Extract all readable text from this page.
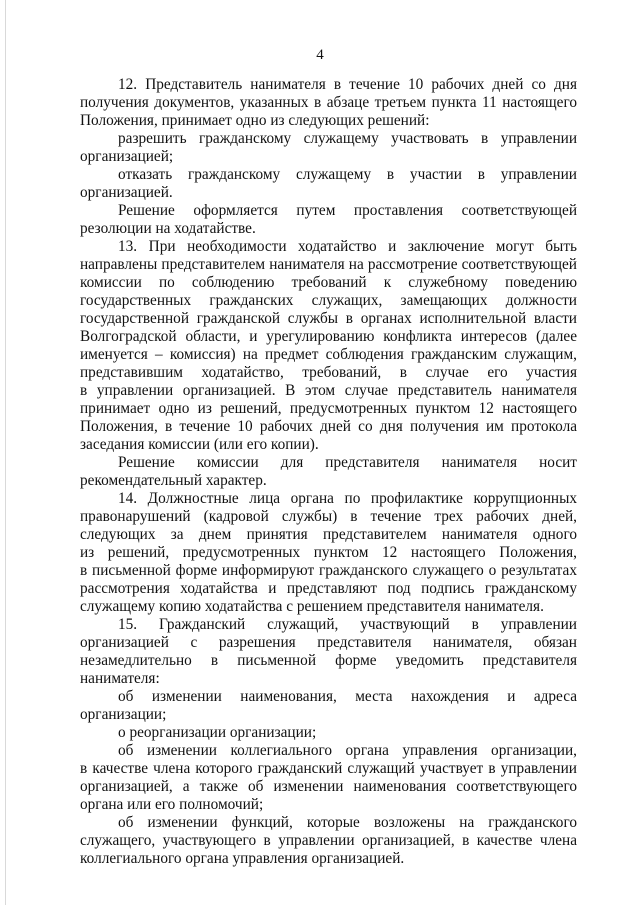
4
12. Представитель нанимателя в течение 10 рабочих дней со дня
получения документов, указанных в абзаце третьем пункта 11 настоящего
Положения, принимает одно из следующих решений:
разрешить гражданскому служащему участвовать в управлении
организацией;
отказать гражданскому служащему в участии в управлении
организацией.
Решение оформляется путем проставления соответствующей
резолюции на ходатайстве.
13. При необходимости ходатайство и заключение могут быть
направлены представителем нанимателя на рассмотрение соответствующей
комиссии по соблюдению требований к служебному поведению
государственных гражданских служащих, замещающих должности
государственной гражданской службы в органах исполнительной власти
Волгоградской области, и урегулированию конфликта интересов (далее
именуется – комиссия) на предмет соблюдения гражданским служащим,
представившим ходатайство, требований, в случае его участия
в управлении организацией. В этом случае представитель нанимателя
принимает одно из решений, предусмотренных пунктом 12 настоящего
Положения, в течение 10 рабочих дней со дня получения им протокола
заседания комиссии (или его копии).
Решение комиссии для представителя нанимателя носит
рекомендательный характер.
14. Должностные лица органа по профилактике коррупционных
правонарушений (кадровой службы) в течение трех рабочих дней,
следующих за днем принятия представителем нанимателя одного
из решений, предусмотренных пунктом 12 настоящего Положения,
в письменной форме информируют гражданского служащего о результатах
рассмотрения ходатайства и представляют под подпись гражданскому
служащему копию ходатайства с решением представителя нанимателя.
15. Гражданский служащий, участвующий в управлении
организацией с разрешения представителя нанимателя, обязан
незамедлительно в письменной форме уведомить представителя
нанимателя:
об изменении наименования, места нахождения и адреса
организации;
о реорганизации организации;
об изменении коллегиального органа управления организации,
в качестве члена которого гражданский служащий участвует в управлении
организацией, а также об изменении наименования соответствующего
органа или его полномочий;
об изменении функций, которые возложены на гражданского
служащего, участвующего в управлении организацией, в качестве члена
коллегиального органа управления организацией.
